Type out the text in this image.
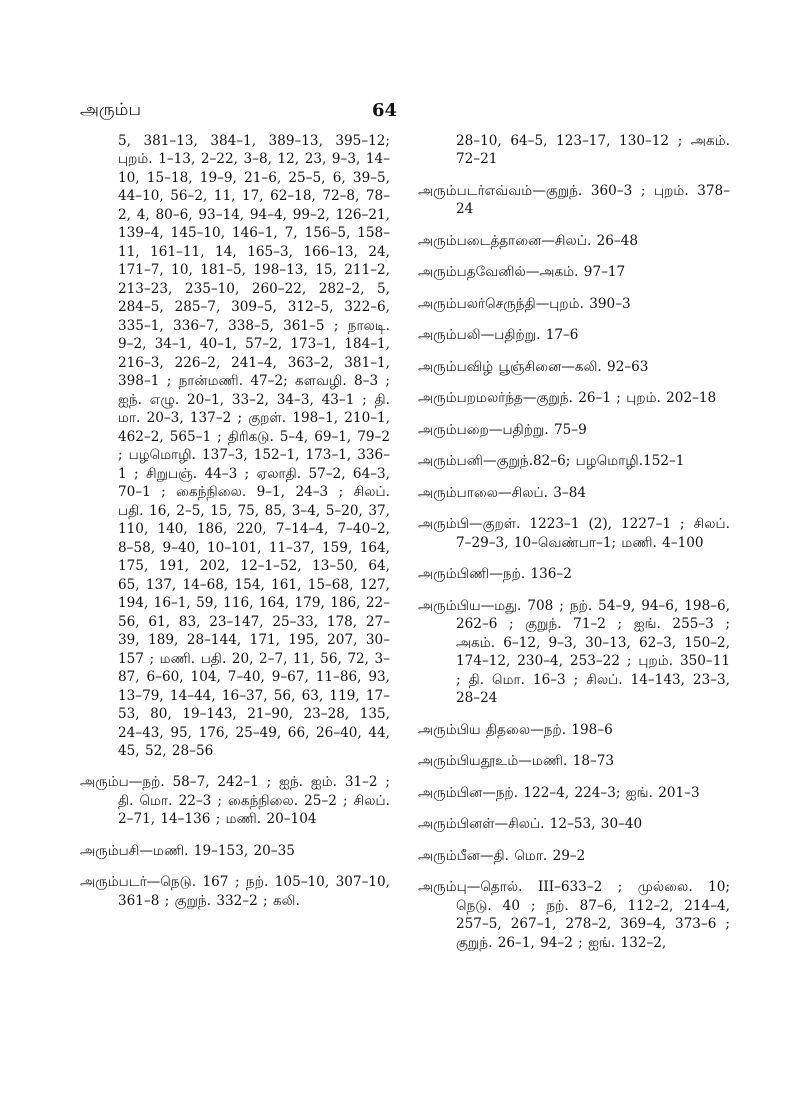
அரும்ப	64

5, 381–13, 384–1, 389–13, 395–12; புறம். 1–13, 2–22, 3–8, 12, 23, 9–3, 14–10, 15–18, 19–9, 21–6, 25–5, 6, 39–5, 44–10, 56–2, 11, 17, 62–18, 72–8, 78–2, 4, 80–6, 93–14, 94–4, 99–2, 126–21, 139–4, 145–10, 146–1, 7, 156–5, 158–11, 161–11, 14, 165–3, 166–13, 24, 171–7, 10, 181–5, 198–13, 15, 211–2, 213–23, 235–10, 260–22, 282–2, 5, 284–5, 285–7, 309–5, 312–5, 322–6, 335–1, 336–7, 338–5, 361–5 ; நாலடி. 9–2, 34–1, 40–1, 57–2, 173–1, 184–1, 216–3, 226–2, 241–4, 363–2, 381–1, 398–1 ; நான்மணி. 47–2; களவழி. 8–3 ; ஐந். எழு. 20–1, 33–2, 34–3, 43–1 ; தி. மா. 20–3, 137–2 ; குறள். 198–1, 210–1, 462–2, 565–1 ; திரிகடு. 5–4, 69–1, 79–2 ; பழமொழி. 137–3, 152–1, 173–1, 336–1 ; சிறுபஞ். 44–3 ; ஏலாதி. 57–2, 64–3, 70–1 ; கைந்நிலை. 9–1, 24–3 ; சிலப். பதி. 16, 2–5, 15, 75, 85, 3–4, 5–20, 37, 110, 140, 186, 220, 7–14–4, 7–40–2, 8–58, 9–40, 10–101, 11–37, 159, 164, 175, 191, 202, 12–1–52, 13–50, 64, 65, 137, 14–68, 154, 161, 15–68, 127, 194, 16–1, 59, 116, 164, 179, 186, 22–56, 61, 83, 23–147, 25–33, 178, 27–39, 189, 28–144, 171, 195, 207, 30–157 ; மணி. பதி. 20, 2–7, 11, 56, 72, 3–87, 6–60, 104, 7–40, 9–67, 11–86, 93, 13–79, 14–44, 16–37, 56, 63, 119, 17–53, 80, 19–143, 21–90, 23–28, 135, 24–43, 95, 176, 25–49, 66, 26–40, 44, 45, 52, 28–56

அரும்ப—நற். 58–7, 242–1 ; ஐந். ஐம். 31–2 ; தி. மொ. 22–3 ; கைந்நிலை. 25–2 ; சிலப். 2–71, 14–136 ; மணி. 20–104

அரும்பசி—மணி. 19–153, 20–35

அரும்படர்—நெடு. 167 ; நற். 105–10, 307–10, 361–8 ; குறுந். 332–2 ; கலி.

28–10, 64–5, 123–17, 130–12 ; அகம். 72–21

அரும்படர்எவ்வம்—குறுந். 360–3 ; புறம். 378–24

அரும்படைத்தானை—சிலப். 26–48

அரும்பதவேனில்—அகம். 97–17

அரும்பலர்செருந்தி—புறம். 390–3

அரும்பலி—பதிற்று. 17–6

அரும்பவிழ் பூஞ்சினை—கலி. 92–63

அரும்பறமலர்ந்த—குறுந். 26–1 ; புறம். 202–18

அரும்பறை—பதிற்று. 75–9

அரும்பனி—குறுந்.82–6; பழமொழி.152–1

அரும்பாலை—சிலப். 3–84

அரும்பி—குறள். 1223–1 (2), 1227–1 ; சிலப். 7–29–3, 10–வெண்பா–1; மணி. 4–100

அரும்பிணி—நற். 136–2

அரும்பிய—மது. 708 ; நற். 54–9, 94–6, 198–6, 262–6 ; குறுந். 71–2 ; ஐங். 255–3 ; அகம். 6–12, 9–3, 30–13, 62–3, 150–2, 174–12, 230–4, 253–22 ; புறம். 350–11 ; தி. மொ. 16–3 ; சிலப். 14–143, 23–3, 28–24

அரும்பிய திதலை—நற். 198–6

அரும்பியதூஉம்—மணி. 18–73

அரும்பின—நற். 122–4, 224–3; ஐங். 201–3

அரும்பினள்—சிலப். 12–53, 30–40

அரும்பீன—தி. மொ. 29–2

அரும்பு—தொல். III–633–2 ; முல்லை. 10; நெடு. 40 ; நற். 87–6, 112–2, 214–4, 257–5, 267–1, 278–2, 369–4, 373–6 ; குறுந். 26–1, 94–2 ; ஐங். 132–2,
